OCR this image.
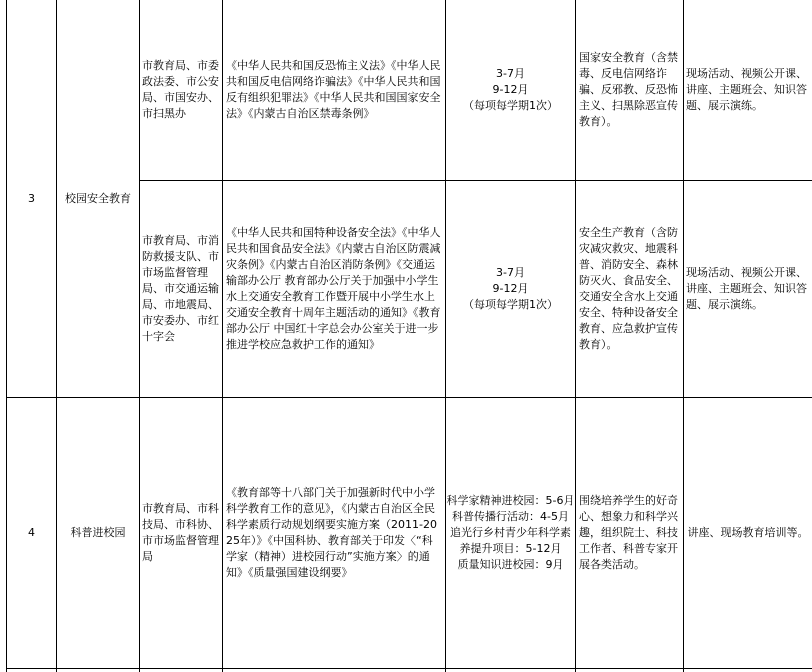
3	校园安全教育
市教育局、市委政法委、市公安局、市国安办、市扫黑办
《中华人民共和国反恐怖主义法》《中华人民共和国反电信网络诈骗法》《中华人民共和国反有组织犯罪法》《中华人民共和国国家安全法》《内蒙古自治区禁毒条例》
3-7月
9-12月
（每项每学期1次）
国家安全教育（含禁毒、反电信网络诈骗、反邪教、反恐怖主义、扫黑除恶宣传教育）。
现场活动、视频公开课、讲座、主题班会、知识答题、展示演练。
市教育局、市消防救援支队、市市场监督管理局、市交通运输局、市地震局、市安委办、市红十字会
《中华人民共和国特种设备安全法》《中华人民共和国食品安全法》《内蒙古自治区防震减灾条例》《内蒙古自治区消防条例》《交通运输部办公厅 教育部办公厅关于加强中小学生水上交通安全教育工作暨开展中小学生水上交通安全教育十周年主题活动的通知》《教育部办公厅 中国红十字总会办公室关于进一步推进学校应急救护工作的通知》
3-7月
9-12月
（每项每学期1次）
安全生产教育（含防灾减灾救灾、地震科普、消防安全、森林防灭火、食品安全、交通安全含水上交通安全、特种设备安全教育、应急救护宣传教育）。
现场活动、视频公开课、讲座、主题班会、知识答题、展示演练。
4	科普进校园
市教育局、市科技局、市科协、市市场监督管理局
《教育部等十八部门关于加强新时代中小学科学教育工作的意见》，《内蒙古自治区全民科学素质行动规划纲要实施方案（2011-2025年）》《中国科协、教育部关于印发〈“科学家（精神）进校园行动”实施方案〉的通知》《质量强国建设纲要》
科学家精神进校园：5-6月
科普传播行活动：4-5月
追光行乡村青少年科学素养提升项目：5-12月
质量知识进校园：9月
围绕培养学生的好奇心、想象力和科学兴趣，组织院士、科技工作者、科普专家开展各类活动。
讲座、现场教育培训等。
